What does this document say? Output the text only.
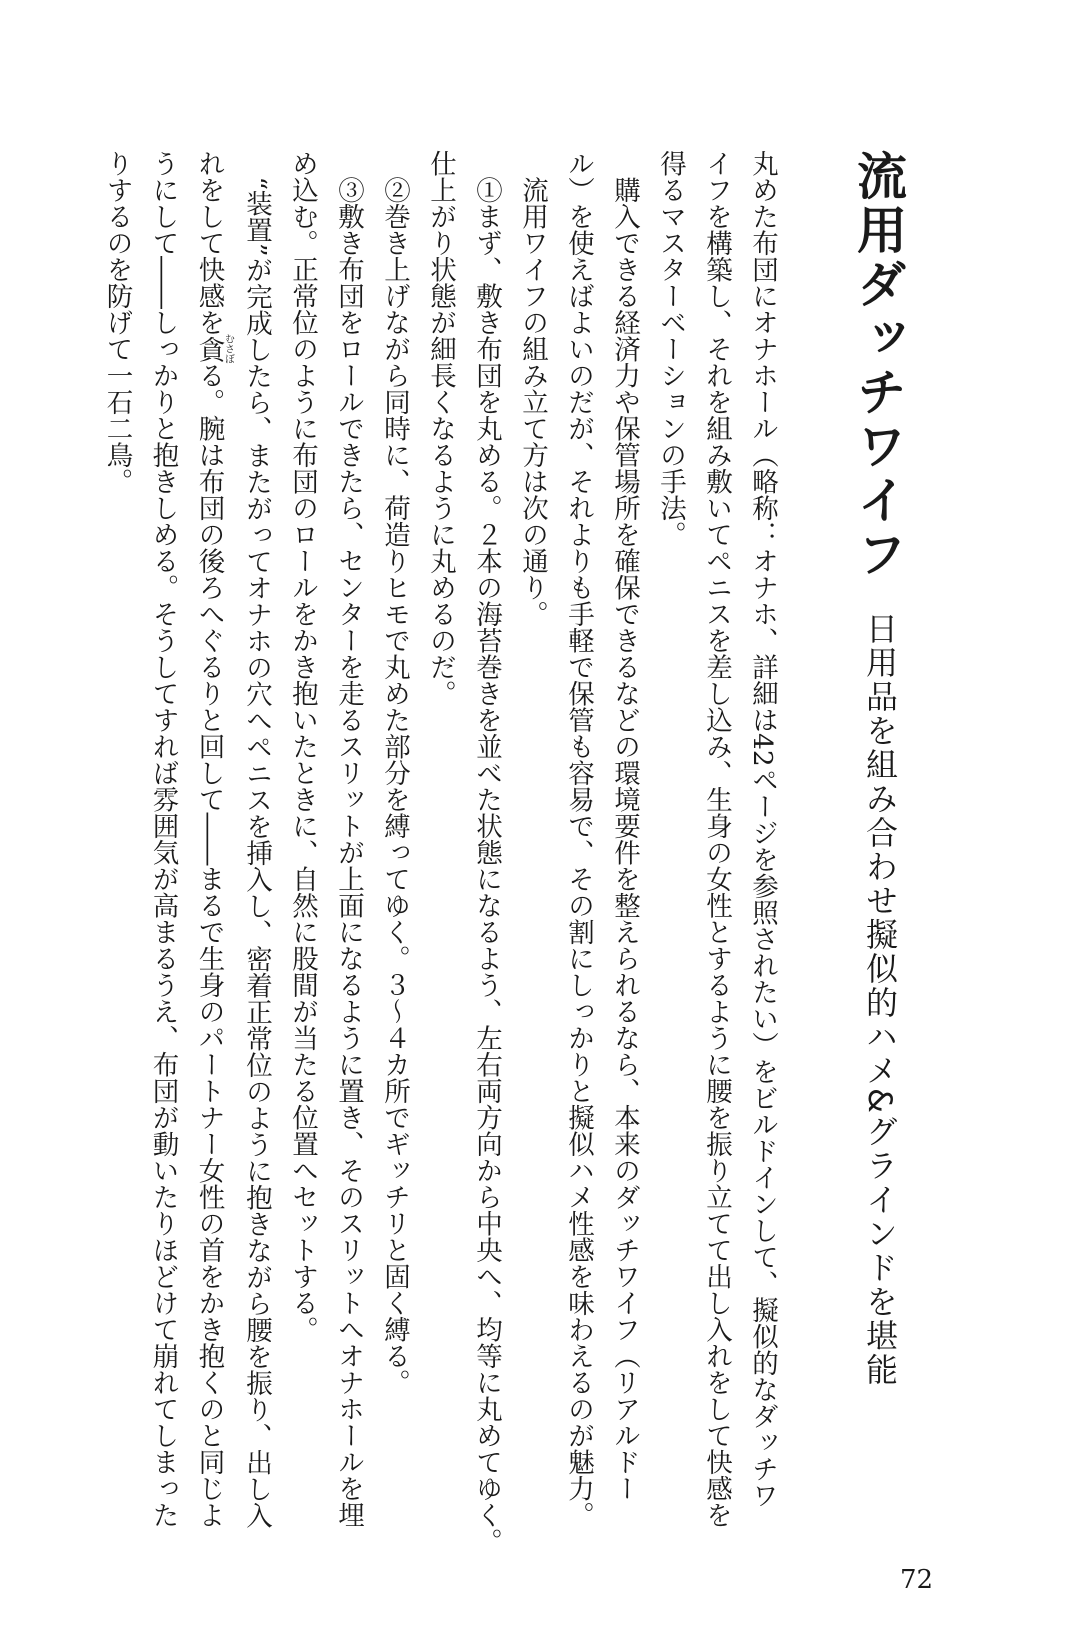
流用ダッチワイフ
日用品を組み合わせ擬似的ハメ&グラインドを堪能
丸めた布団にオナホール（略称：オナホ、詳細は42ページを参照されたい）をビルドインして、擬似的なダッチワ
イフを構築し、それを組み敷いてペニスを差し込み、生身の女性とするように腰を振り立てて出し入れをして快感を
得るマスターベーションの手法。
　購入できる経済力や保管場所を確保できるなどの環境要件を整えられるなら、本来のダッチワイフ（リアルドー
ル）を使えばよいのだが、それよりも手軽で保管も容易で、その割にしっかりと擬似ハメ性感を味わえるのが魅力。
　流用ワイフの組み立て方は次の通り。
　①まず、敷き布団を丸める。２本の海苔巻きを並べた状態になるよう、左右両方向から中央へ、均等に丸めてゆく。
仕上がり状態が細長くなるように丸めるのだ。
　②巻き上げながら同時に、荷造りヒモで丸めた部分を縛ってゆく。３～４カ所でギッチリと固く縛る。
　③敷き布団をロールできたら、センターを走るスリットが上面になるように置き、そのスリットへオナホールを埋
め込む。正常位のように布団のロールをかき抱いたときに、自然に股間が当たる位置へセットする。
　“装置”が完成したら、またがってオナホの穴へペニスを挿入し、密着正常位のように抱きながら腰を振り、出し入
れをして快感を貪むさぼる。腕は布団の後ろへぐるりと回して――まるで生身のパートナー女性の首をかき抱くのと同じよ
うにして――しっかりと抱きしめる。そうしてすれば雰囲気が高まるうえ、布団が動いたりほどけて崩れてしまった
りするのを防げて一石二鳥。
72
